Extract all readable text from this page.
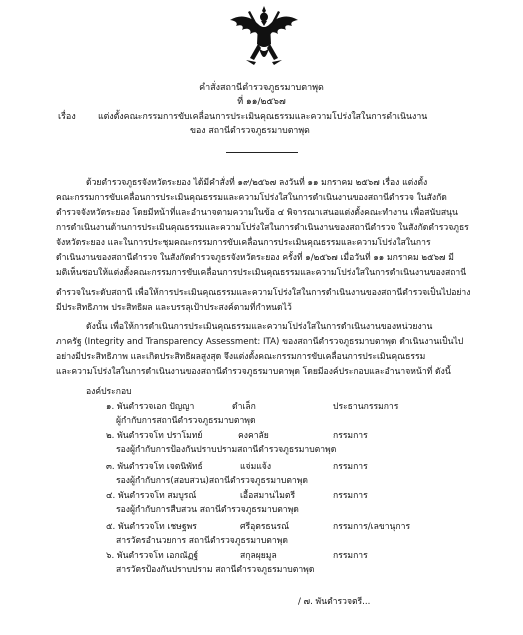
คำสั่งสถานีตำรวจภูธรมาบตาพุด
ที่ ๑๑/๒๕๖๗
เรื่อง	แต่งตั้งคณะกรรมการขับเคลื่อนการประเมินคุณธรรมและความโปร่งใสในการดำเนินงาน
ของ สถานีตำรวจภูธรมาบตาพุด
ด้วยตำรวจภูธรจังหวัดระยอง ได้มีคำสั่งที่ ๑๙/๒๕๖๗ ลงวันที่ ๑๑ มกราคม ๒๕๖๗ เรื่อง แต่งตั้ง
คณะกรรมการขับเคลื่อนการประเมินคุณธรรมและความโปร่งใสในการดำเนินงานของสถานีตำรวจ ในสังกัด
ตำรวจจังหวัดระยอง โดยมีหน้าที่และอำนาจตามความในข้อ ๔ พิจารณาเสนอแต่งตั้งคณะทำงาน เพื่อสนับสนุน
การดำเนินงานด้านการประเมินคุณธรรมและความโปร่งใสในการดำเนินงานของสถานีตำรวจ ในสังกัดตำรวจภูธร
จังหวัดระยอง และในการประชุมคณะกรรมการขับเคลื่อนการประเมินคุณธรรมและความโปร่งใสในการ
ดำเนินงานของสถานีตำรวจ ในสังกัดตำรวจภูธรจังหวัดระยอง ครั้งที่ ๑/๒๕๖๗ เมื่อวันที่ ๑๑ มกราคม ๒๕๖๗ มี
มติเห็นชอบให้แต่งตั้งคณะกรรมการขับเคลื่อนการประเมินคุณธรรมและความโปร่งใสในการดำเนินงานของสถานี
ตำรวจในระดับสถานี เพื่อให้การประเมินคุณธรรมและความโปร่งใสในการดำเนินงานของสถานีตำรวจเป็นไปอย่าง
มีประสิทธิภาพ ประสิทธิผล และบรรลุเป้าประสงค์ตามที่กำหนดไว้
ดังนั้น เพื่อให้การดำเนินการประเมินคุณธรรมและความโปร่งใสในการดำเนินงานของหน่วยงาน
ภาครัฐ (Integrity and Transparency Assessment: ITA) ของสถานีตำรวจภูธรมาบตาพุด ดำเนินงานเป็นไป
อย่างมีประสิทธิภาพ และเกิดประสิทธิผลสูงสุด จึงแต่งตั้งคณะกรรมการขับเคลื่อนการประเมินคุณธรรม
และความโปร่งใสในการดำเนินงานของสถานีตำรวจภูธรมาบตาพุด โดยมีองค์ประกอบและอำนาจหน้าที่ ดังนี้
องค์ประกอบ
๑. พันตำรวจเอก ปัญญา	ดำเล็ก	ประธานกรรมการ
ผู้กำกับการสถานีตำรวจภูธรมาบตาพุด
๒. พันตำรวจโท ปราโมทย์	คงคาลัย	กรรมการ
รองผู้กำกับการป้องกันปราบปรามสถานีตำรวจภูธรมาบตาพุด
๓. พันตำรวจโท เจตนิพัทธ์	แจ่มแจ้ง	กรรมการ
รองผู้กำกับการ(สอบสวน)สถานีตำรวจภูธรมาบตาพุด
๔. พันตำรวจโท สมบูรณ์	เอื้อสมานไมตรี	กรรมการ
รองผู้กำกับการสืบสวน สถานีตำรวจภูธรมาบตาพุด
๕. พันตำรวจโท เชษฐพร	ศรีอุตรธนรณ์	กรรมการ/เลขานุการ
สารวัตรอำนวยการ สถานีตำรวจภูธรมาบตาพุด
๖. พันตำรวจโท เอกณัฏฐ์	สกุลผุยมูล	กรรมการ
สารวัตรป้องกันปราบปราม สถานีตำรวจภูธรมาบตาพุด
/ ๗. พันตำรวจตรี...
